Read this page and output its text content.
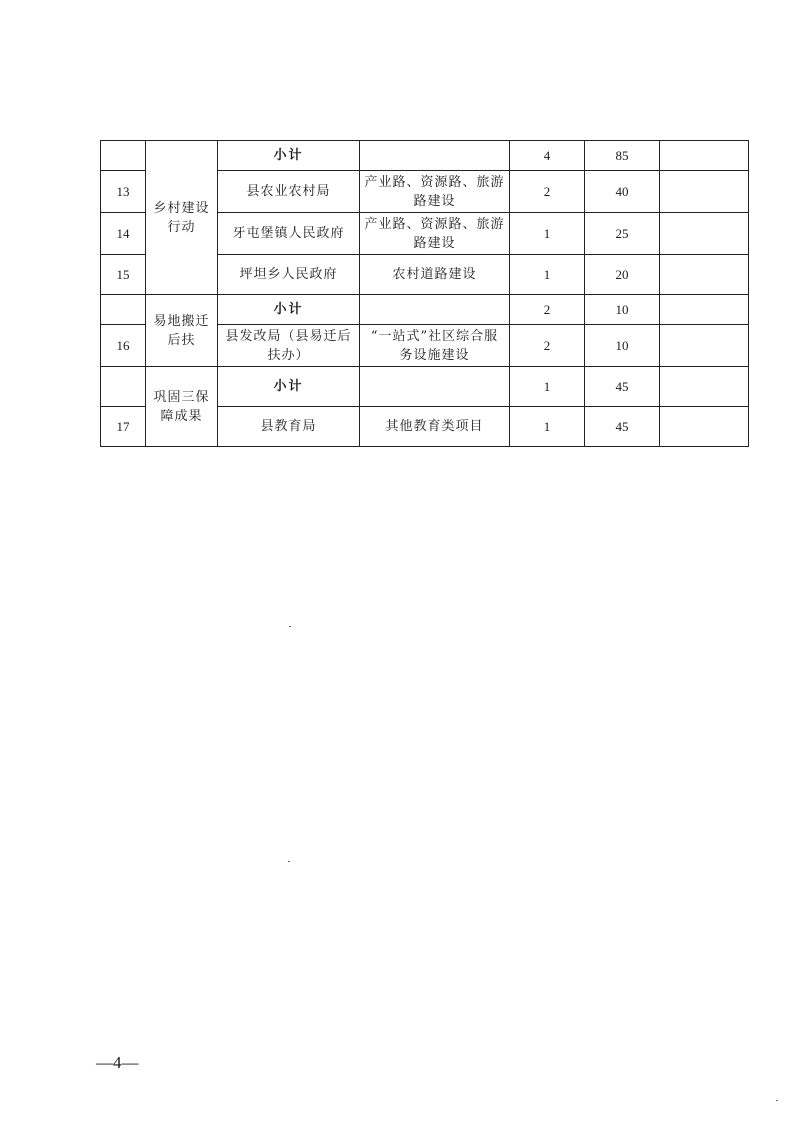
	乡村建设行动	小计		4	85	
13		县农业农村局	产业路、资源路、旅游路建设	2	40	
14		牙屯堡镇人民政府	产业路、资源路、旅游路建设	1	25	
15		坪坦乡人民政府	农村道路建设	1	20	
	易地搬迁后扶	小计		2	10	
16		县发改局（县易迁后扶办）	“一站式”社区综合服务设施建设	2	10	
	巩固三保障成果	小计		1	45	
17		县教育局	其他教育类项目	1	45	
—4—
